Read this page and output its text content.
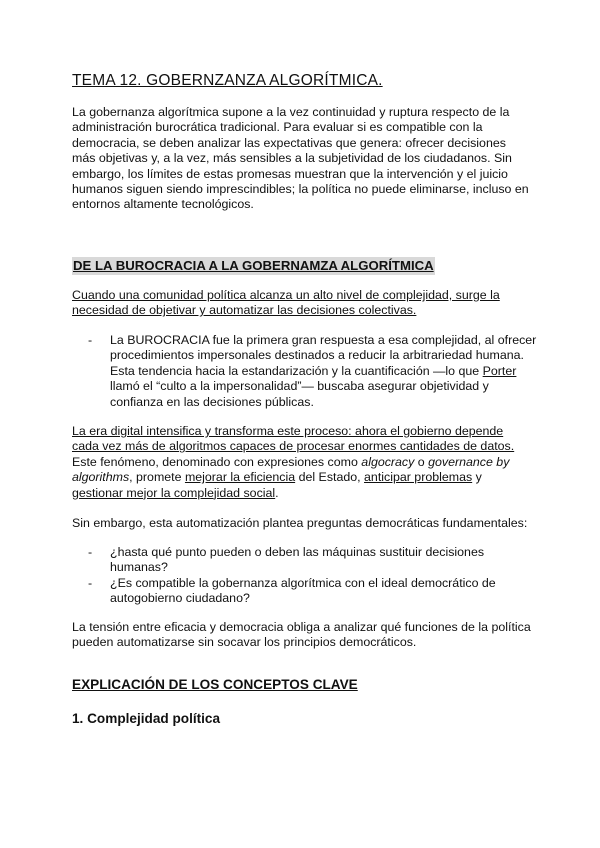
TEMA 12. GOBERNZANZA ALGORÍTMICA.

La gobernanza algorítmica supone a la vez continuidad y ruptura respecto de la administración burocrática tradicional. Para evaluar si es compatible con la democracia, se deben analizar las expectativas que genera: ofrecer decisiones más objetivas y, a la vez, más sensibles a la subjetividad de los ciudadanos. Sin embargo, los límites de estas promesas muestran que la intervención y el juicio humanos siguen siendo imprescindibles; la política no puede eliminarse, incluso en entornos altamente tecnológicos.

DE LA BUROCRACIA A LA GOBERNAMZA ALGORÍTMICA

Cuando una comunidad política alcanza un alto nivel de complejidad, surge la necesidad de objetivar y automatizar las decisiones colectivas.

- La BUROCRACIA fue la primera gran respuesta a esa complejidad, al ofrecer procedimientos impersonales destinados a reducir la arbitrariedad humana. Esta tendencia hacia la estandarización y la cuantificación —lo que Porter llamó el “culto a la impersonalidad”— buscaba asegurar objetividad y confianza en las decisiones públicas.

La era digital intensifica y transforma este proceso: ahora el gobierno depende cada vez más de algoritmos capaces de procesar enormes cantidades de datos. Este fenómeno, denominado con expresiones como algocracy o governance by algorithms, promete mejorar la eficiencia del Estado, anticipar problemas y gestionar mejor la complejidad social.

Sin embargo, esta automatización plantea preguntas democráticas fundamentales:

- ¿hasta qué punto pueden o deben las máquinas sustituir decisiones humanas?
- ¿Es compatible la gobernanza algorítmica con el ideal democrático de autogobierno ciudadano?

La tensión entre eficacia y democracia obliga a analizar qué funciones de la política pueden automatizarse sin socavar los principios democráticos.

EXPLICACIÓN DE LOS CONCEPTOS CLAVE
1. Complejidad política
